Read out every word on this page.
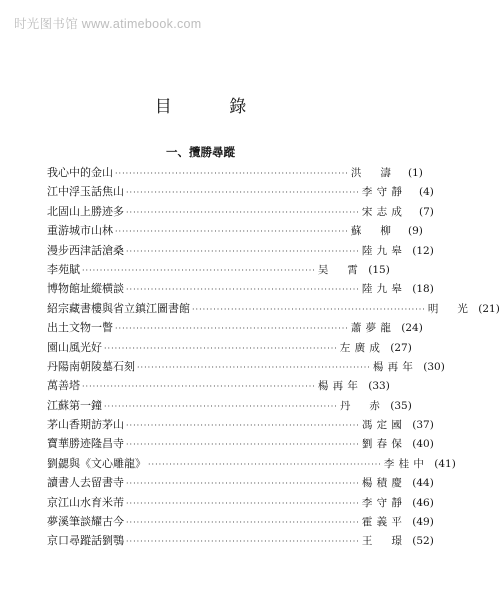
时光图书馆 www.atimebook.com
目 錄
一、攬勝尋蹤
我心中的金山 ·································································· 洪　濤	(1)
江中浮玉話焦山 ·································································· 李守靜	(4)
北固山上勝迹多 ·································································· 宋志成	(7)
重游城市山林 ·································································· 蘇　柳	(9)
漫步西津話滄桑 ·································································· 陸九皋 (12)
李苑賦 ·································································· 吴　霄 (15)
博物館址縱横談 ·································································· 陸九皋 (18)
紹宗藏書樓與省立鎮江圖書館 ·································································· 明　光 (21)
出土文物一瞥 ·································································· 蕭夢龍 (24)
園山風光好 ·································································· 左廣成 (27)
丹陽南朝陵墓石刻 ·································································· 楊再年 (30)
萬善塔 ·································································· 楊再年 (33)
江蘇第一鐘 ·································································· 丹　赤 (35)
茅山香期訪茅山 ·································································· 馮定國 (37)
寶華勝迹隆昌寺 ·································································· 劉春保 (40)
劉勰與《文心雕龍》 ·································································· 李桂中 (41)
讀書人去留書寺 ·································································· 楊積慶 (44)
京江山水育米芾 ·································································· 李守靜 (46)
夢溪筆談耀古今 ·································································· 霍義平 (49)
京口尋蹤話劉鶚 ·································································· 王　璟 (52)
